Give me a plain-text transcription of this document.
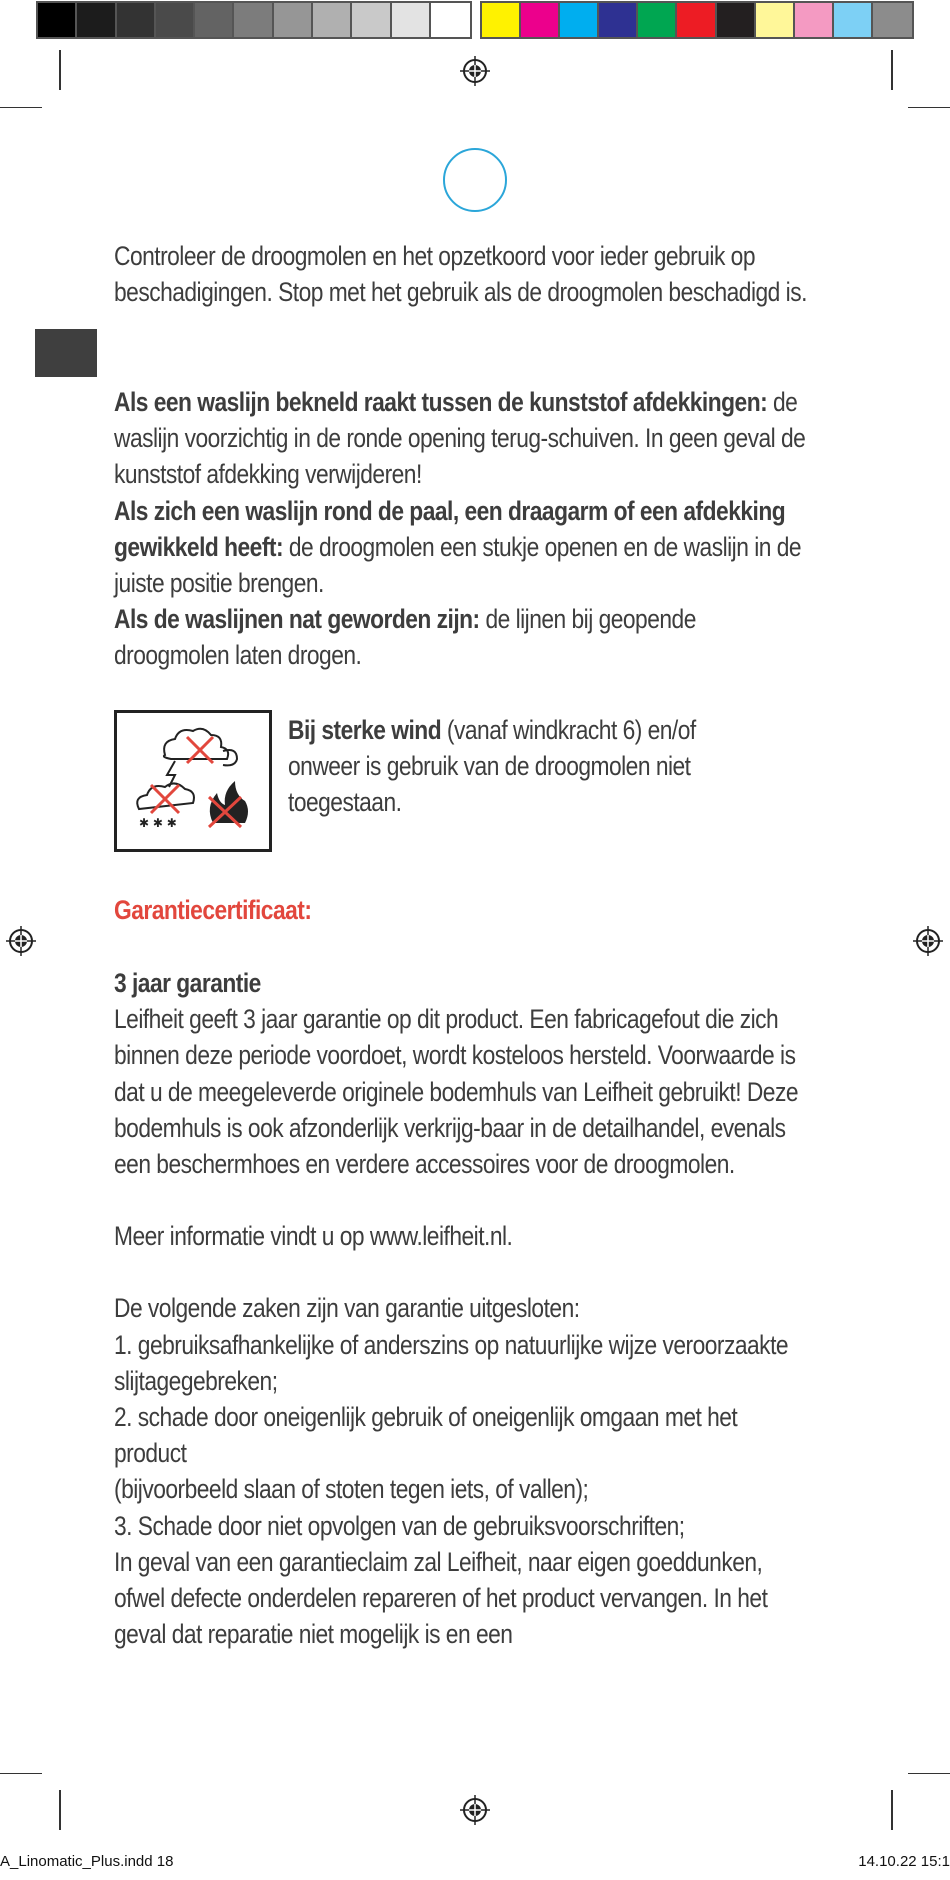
Controleer de droogmolen en het opzetkoord voor ieder gebruik op beschadigingen. Stop met het gebruik als de droogmolen beschadigd is.

Als een waslijn bekneld raakt tussen de kunststof afdekkingen: de waslijn voorzichtig in de ronde opening terug-schuiven. In geen geval de kunststof afdekking verwijderen!

Als zich een waslijn rond de paal, een draagarm of een afdekking gewikkeld heeft: de droogmolen een stukje openen en de waslijn in de juiste positie brengen.

Als de waslijnen nat geworden zijn: de lijnen bij geopende droogmolen laten drogen.

✱ ✱ ✱

Bij sterke wind (vanaf windkracht 6) en/of onweer is gebruik van de droogmolen niet toegestaan.

Garantiecertificaat:

3 jaar garantie

Leifheit geeft 3 jaar garantie op dit product. Een fabricagefout die zich binnen deze periode voordoet, wordt kosteloos hersteld. Voorwaarde is dat u de meegeleverde originele bodemhuls van Leifheit gebruikt! Deze bodemhuls is ook afzonderlijk verkrijg-baar in de detailhandel, evenals een beschermhoes en verdere accessoires voor de droogmolen.

Meer informatie vindt u op www.leifheit.nl.

De volgende zaken zijn van garantie uitgesloten:

1. gebruiksafhankelijke of anderszins op natuurlijke wijze veroorzaakte slijtagegebreken;

2. schade door oneigenlijk gebruik of oneigenlijk omgaan met het product

(bijvoorbeeld slaan of stoten tegen iets, of vallen);

3. Schade door niet opvolgen van de gebruiksvoorschriften;

In geval van een garantieclaim zal Leifheit, naar eigen goeddunken, ofwel defecte onderdelen repareren of het product vervangen. In het geval dat reparatie niet mogelijk is en een

A_Linomatic_Plus.indd 18	14.10.22 15:1
